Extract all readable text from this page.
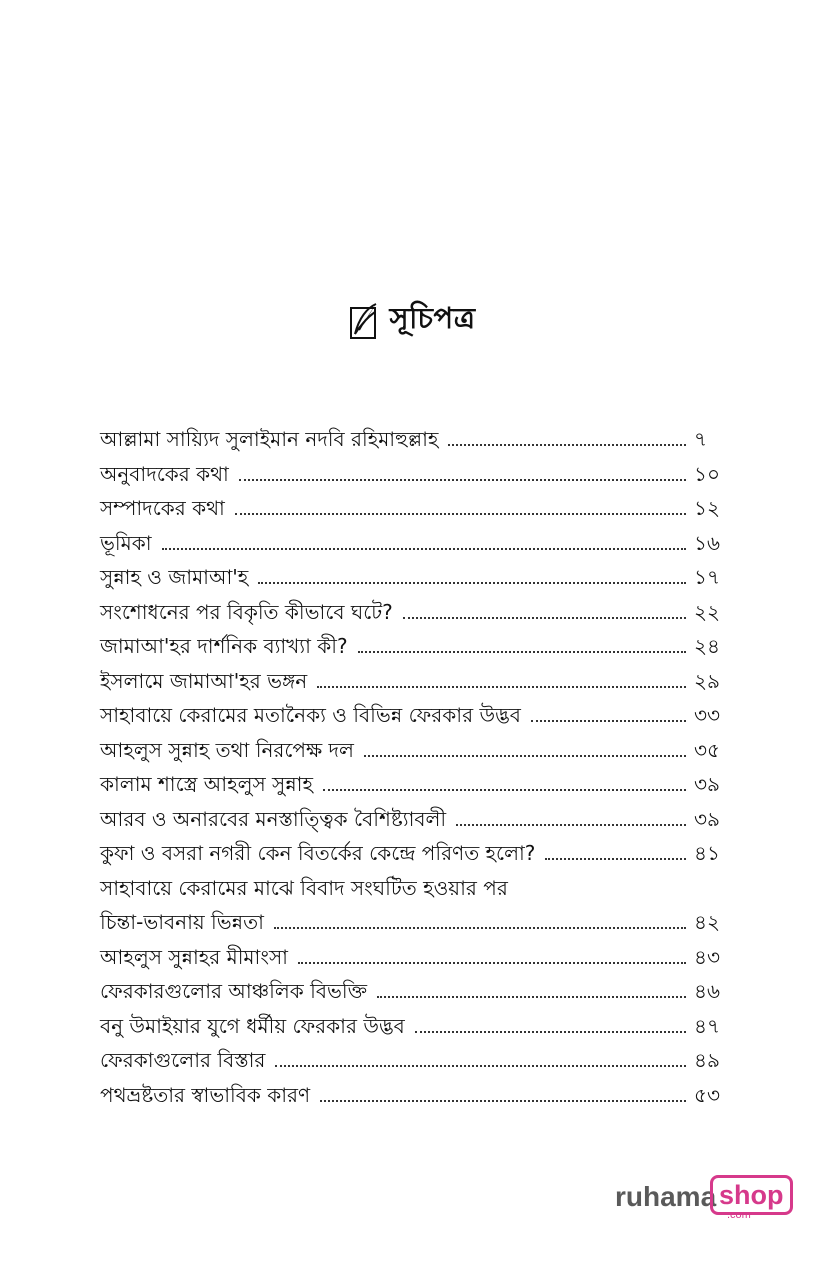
সূচিপত্র
আল্লামা সায়্যিদ সুলাইমান নদবি রহিমাহুল্লাহ	৭
অনুবাদকের কথা	১০
সম্পাদকের কথা	১২
ভূমিকা	১৬
সুন্নাহ ও জামাআ'হ	১৭
সংশোধনের পর বিকৃতি কীভাবে ঘটে?	২২
জামাআ'হর দার্শনিক ব্যাখ্যা কী?	২৪
ইসলামে জামাআ'হর ভঙ্গন	২৯
সাহাবায়ে কেরামের মতানৈক্য ও বিভিন্ন ফেরকার উদ্ভব	৩৩
আহলুস সুন্নাহ তথা নিরপেক্ষ দল	৩৫
কালাম শাস্ত্রে আহলুস সুন্নাহ	৩৯
আরব ও অনারবের মনস্তাত্ত্বিক বৈশিষ্ট্যাবলী	৩৯
কুফা ও বসরা নগরী কেন বিতর্কের কেন্দ্রে পরিণত হলো?	৪১
সাহাবায়ে কেরামের মাঝে বিবাদ সংঘটিত হওয়ার পর
চিন্তা-ভাবনায় ভিন্নতা	৪২
আহলুস সুন্নাহর মীমাংসা	৪৩
ফেরকারগুলোর আঞ্চলিক বিভক্তি	৪৬
বনু উমাইয়ার যুগে ধর্মীয় ফেরকার উদ্ভব	৪৭
ফেরকাগুলোর বিস্তার	৪৯
পথভ্রষ্টতার স্বাভাবিক কারণ	৫৩
ruhama shop
.com
